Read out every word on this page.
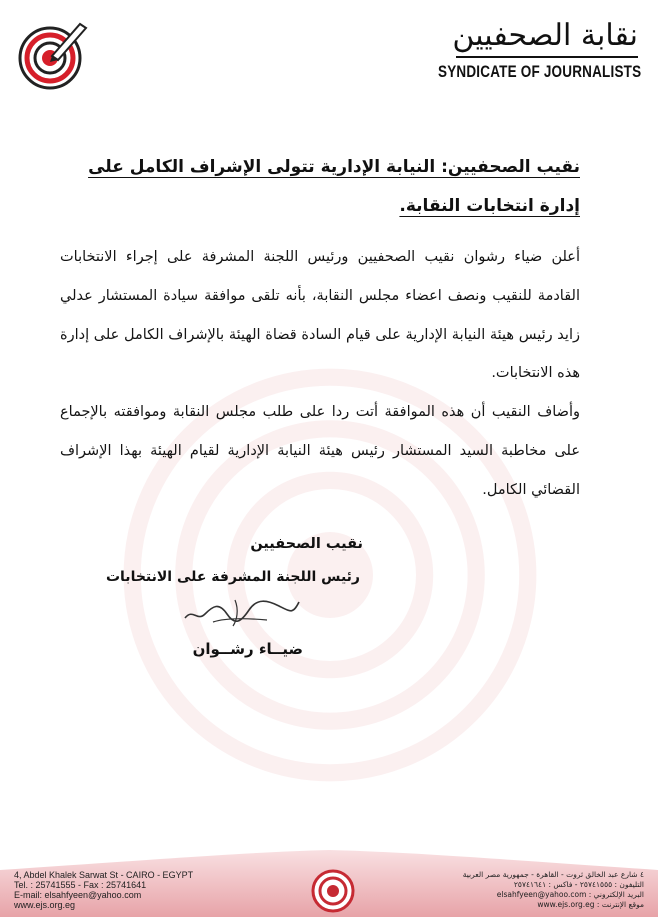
نقابة الصحفيين
SYNDICATE OF JOURNALISTS
نقيب الصحفيين: النيابة الإدارية تتولى الإشراف الكامل على
إدارة انتخابات النقابة.

أعلن ضياء رشوان نقيب الصحفيين ورئيس اللجنة المشرفة على إجراء الانتخابات القادمة للنقيب ونصف اعضاء مجلس النقابة، بأنه تلقى موافقة سيادة المستشار عدلي زايد رئيس هيئة النيابة الإدارية على قيام السادة قضاة الهيئة بالإشراف الكامل على إدارة هذه الانتخابات.

وأضاف النقيب أن هذه الموافقة أتت ردا على طلب مجلس النقابة وموافقته بالإجماع على مخاطبة السيد المستشار رئيس هيئة النيابة الإدارية لقيام الهيئة بهذا الإشراف القضائي الكامل.

نقيب الصحفيين
رئيس اللجنة المشرفة على الانتخابات
ضيــاء رشــوان
4, Abdel Khalek Sarwat St - CAIRO - EGYPT
Tel. : 25741555 - Fax : 25741641
E-mail: elsahfyeen@yahoo.com
www.ejs.org.eg
٤ شارع عبد الخالق ثروت - القاهرة - جمهورية مصر العربية
التليفون : ٢٥٧٤١٥٥٥ - فاكس : ٢٥٧٤١٦٤١
البريد الإلكتروني : elsahfyeen@yahoo.com
موقع الإنترنت : www.ejs.org.eg
